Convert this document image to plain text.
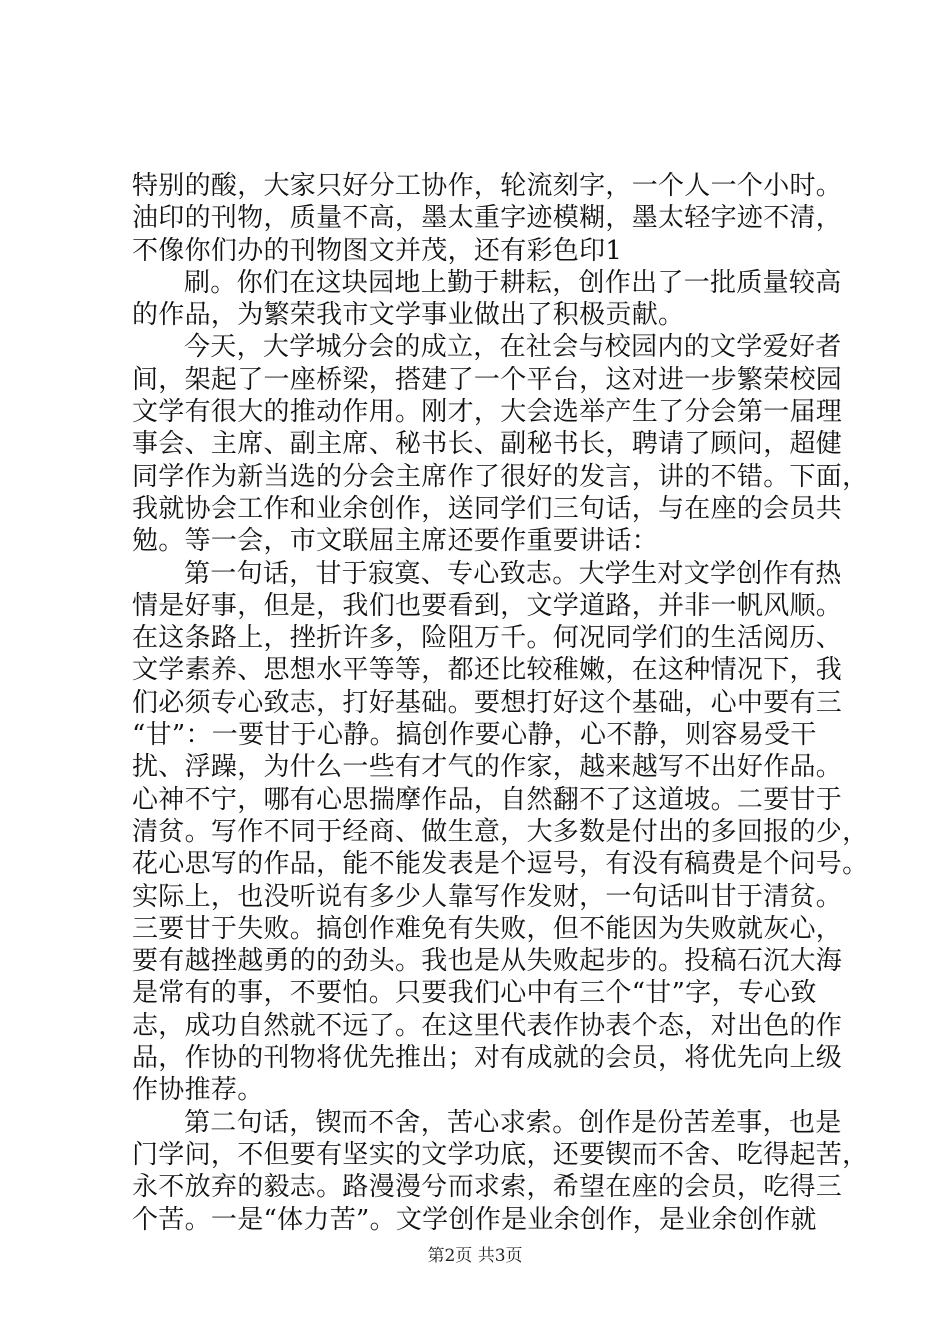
特别的酸，大家只好分工协作，轮流刻字，一个人一个小时。
油印的刊物，质量不高，墨太重字迹模糊，墨太轻字迹不清，
不像你们办的刊物图文并茂，还有彩色印1
刷。你们在这块园地上勤于耕耘，创作出了一批质量较高
的作品，为繁荣我市文学事业做出了积极贡献。
今天，大学城分会的成立，在社会与校园内的文学爱好者
间，架起了一座桥梁，搭建了一个平台，这对进一步繁荣校园
文学有很大的推动作用。刚才，大会选举产生了分会第一届理
事会、主席、副主席、秘书长、副秘书长，聘请了顾问，超健
同学作为新当选的分会主席作了很好的发言，讲的不错。下面，
我就协会工作和业余创作，送同学们三句话，与在座的会员共
勉。等一会，市文联屈主席还要作重要讲话：
第一句话，甘于寂寞、专心致志。大学生对文学创作有热
情是好事，但是，我们也要看到，文学道路，并非一帆风顺。
在这条路上，挫折许多，险阻万千。何况同学们的生活阅历、
文学素养、思想水平等等，都还比较稚嫩，在这种情况下，我
们必须专心致志，打好基础。要想打好这个基础，心中要有三
“甘”：一要甘于心静。搞创作要心静，心不静，则容易受干
扰、浮躁，为什么一些有才气的作家，越来越写不出好作品。
心神不宁，哪有心思揣摩作品，自然翻不了这道坡。二要甘于
清贫。写作不同于经商、做生意，大多数是付出的多回报的少，
花心思写的作品，能不能发表是个逗号，有没有稿费是个问号。
实际上，也没听说有多少人靠写作发财，一句话叫甘于清贫。
三要甘于失败。搞创作难免有失败，但不能因为失败就灰心，
要有越挫越勇的的劲头。我也是从失败起步的。投稿石沉大海
是常有的事，不要怕。只要我们心中有三个“甘”字，专心致
志，成功自然就不远了。在这里代表作协表个态，对出色的作
品，作协的刊物将优先推出；对有成就的会员，将优先向上级
作协推荐。
第二句话，锲而不舍，苦心求索。创作是份苦差事，也是
门学问，不但要有坚实的文学功底，还要锲而不舍、吃得起苦，
永不放弃的毅志。路漫漫兮而求索，希望在座的会员，吃得三
个苦。一是“体力苦”。文学创作是业余创作，是业余创作就
第2页 共3页
